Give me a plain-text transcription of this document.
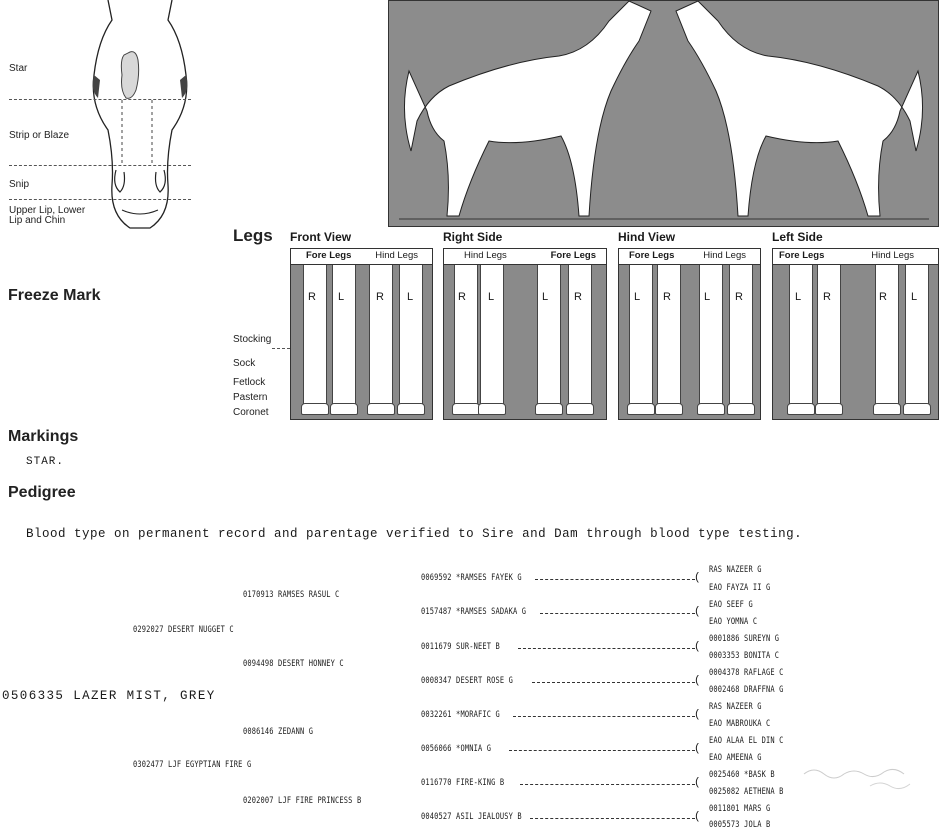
Star
Strip or Blaze
Snip
Upper Lip, Lower Lip and Chin
Legs Front View	Right Side	Hind View	Left Side
Fore Legs	Hind Legs
R L	R L
Hind Legs	Fore Legs
R L	L R
Fore Legs	Hind Legs
L R	L R
Fore Legs	Hind Legs
L R	R L
Stocking
Sock
Fetlock
Pastern
Coronet
Freeze Mark
Markings
STAR.
Pedigree
Blood type on permanent record and parentage verified to Sire and Dam through blood type testing.
0506335 LAZER MIST, GREY
0292027 DESERT NUGGET C
0302477 LJF EGYPTIAN FIRE G
0170913 RAMSES RASUL C
0094498 DESERT HONNEY C
0086146 ZEDANN G
0202007 LJF FIRE PRINCESS B
0069592 *RAMSES FAYEK G
0157487 *RAMSES SADAKA G
0011679 SUR-NEET B
0008347 DESERT ROSE G
0032261 *MORAFIC G
0056066 *OMNIA G
0116770 FIRE-KING B
0040527 ASIL JEALOUSY B
RAS NAZEER G
EAO FAYZA II G
EAO SEEF G
EAO YOMNA C
0001886 SUREYN G
0003353 BONITA C
0004378 RAFLAGE C
0002468 DRAFFNA G
RAS NAZEER G
EAO MABROUKA C
EAO ALAA EL DIN C
EAO AMEENA G
0025460 *BASK B
0025082 AETHENA B
0011801 MARS G
0005573 JOLA B
(
(
(
(
(
(
(
(
